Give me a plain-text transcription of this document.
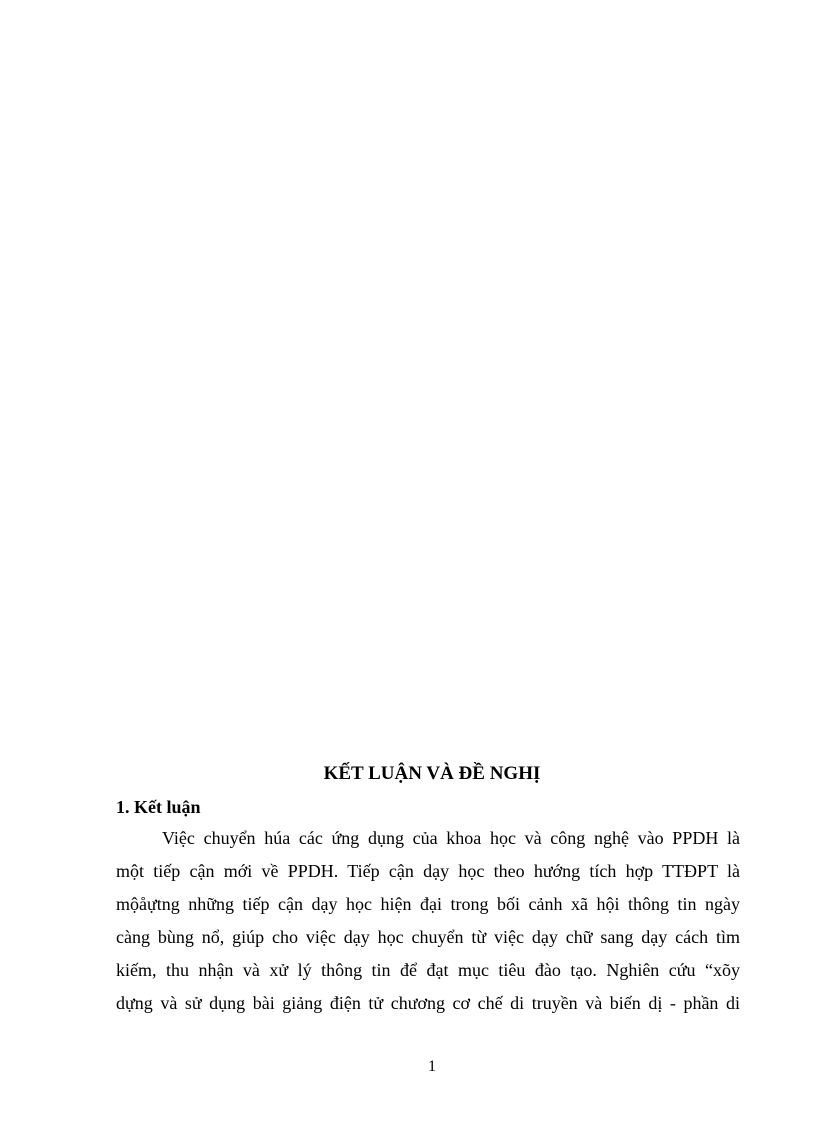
KẾT LUẬN VÀ ĐỀ NGHỊ
1. Kết luận
Việc chuyển húa các ứng dụng của khoa học và công nghệ vào PPDH là
một tiếp cận mới về PPDH. Tiếp cận dạy học theo hướng tích hợp TTĐPT là
mộåựtng những tiếp cận dạy học hiện đại trong bối cảnh xã hội thông tin ngày
càng bùng nổ, giúp cho việc dạy học chuyển từ việc dạy chữ sang dạy cách tìm
kiếm, thu nhận và xử lý thông tin để đạt mục tiêu đào tạo. Nghiên cứu “xõy
dựng và sử dụng bài giảng điện tử chương cơ chế di truyền và biến dị - phần di
1
